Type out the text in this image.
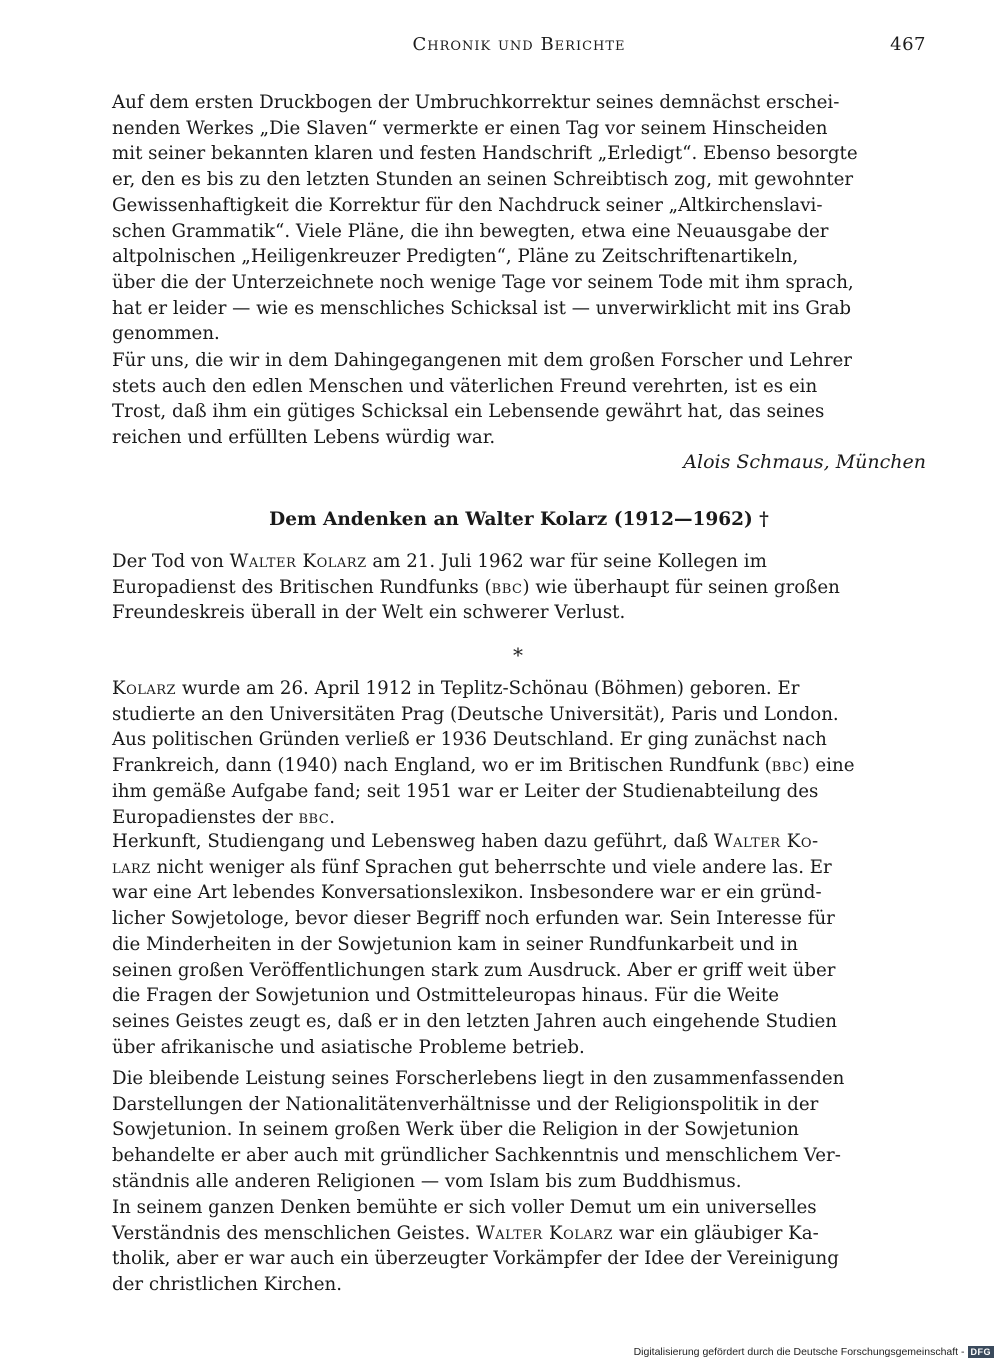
Chronik und Berichte	467

Auf dem ersten Druckbogen der Umbruchkorrektur seines demnächst erschei-

nenden Werkes „Die Slaven“ vermerkte er einen Tag vor seinem Hinscheiden

mit seiner bekannten klaren und festen Handschrift „Erledigt“. Ebenso besorgte

er, den es bis zu den letzten Stunden an seinen Schreibtisch zog, mit gewohnter

Gewissenhaftigkeit die Korrektur für den Nachdruck seiner „Altkirchenslavi-

schen Grammatik“. Viele Pläne, die ihn bewegten, etwa eine Neuausgabe der

altpolnischen „Heiligenkreuzer Predigten“, Pläne zu Zeitschriftenartikeln,

über die der Unterzeichnete noch wenige Tage vor seinem Tode mit ihm sprach,

hat er leider — wie es menschliches Schicksal ist — unverwirklicht mit ins Grab

genommen.

Für uns, die wir in dem Dahingegangenen mit dem großen Forscher und Lehrer

stets auch den edlen Menschen und väterlichen Freund verehrten, ist es ein

Trost, daß ihm ein gütiges Schicksal ein Lebensende gewährt hat, das seines

reichen und erfüllten Lebens würdig war.

Alois Schmaus, München
Dem Andenken an Walter Kolarz (1912—1962) †

Der Tod von Walter Kolarz am 21. Juli 1962 war für seine Kollegen im

Europadienst des Britischen Rundfunks (bbc) wie überhaupt für seinen großen

Freundeskreis überall in der Welt ein schwerer Verlust.

*

Kolarz wurde am 26. April 1912 in Teplitz-Schönau (Böhmen) geboren. Er

studierte an den Universitäten Prag (Deutsche Universität), Paris und London.

Aus politischen Gründen verließ er 1936 Deutschland. Er ging zunächst nach

Frankreich, dann (1940) nach England, wo er im Britischen Rundfunk (bbc) eine

ihm gemäße Aufgabe fand; seit 1951 war er Leiter der Studienabteilung des

Europadienstes der bbc.

Herkunft, Studiengang und Lebensweg haben dazu geführt, daß Walter Ko-

larz nicht weniger als fünf Sprachen gut beherrschte und viele andere las. Er

war eine Art lebendes Konversationslexikon. Insbesondere war er ein gründ-

licher Sowjetologe, bevor dieser Begriff noch erfunden war. Sein Interesse für

die Minderheiten in der Sowjetunion kam in seiner Rundfunkarbeit und in

seinen großen Veröffentlichungen stark zum Ausdruck. Aber er griff weit über

die Fragen der Sowjetunion und Ostmitteleuropas hinaus. Für die Weite

seines Geistes zeugt es, daß er in den letzten Jahren auch eingehende Studien

über afrikanische und asiatische Probleme betrieb.

Die bleibende Leistung seines Forscherlebens liegt in den zusammenfassenden

Darstellungen der Nationalitätenverhältnisse und der Religionspolitik in der

Sowjetunion. In seinem großen Werk über die Religion in der Sowjetunion

behandelte er aber auch mit gründlicher Sachkenntnis und menschlichem Ver-

ständnis alle anderen Religionen — vom Islam bis zum Buddhismus.

In seinem ganzen Denken bemühte er sich voller Demut um ein universelles

Verständnis des menschlichen Geistes. Walter Kolarz war ein gläubiger Ka-

tholik, aber er war auch ein überzeugter Vorkämpfer der Idee der Vereinigung

der christlichen Kirchen.

Digitalisierung gefördert durch die Deutsche Forschungsgemeinschaft - DFG
